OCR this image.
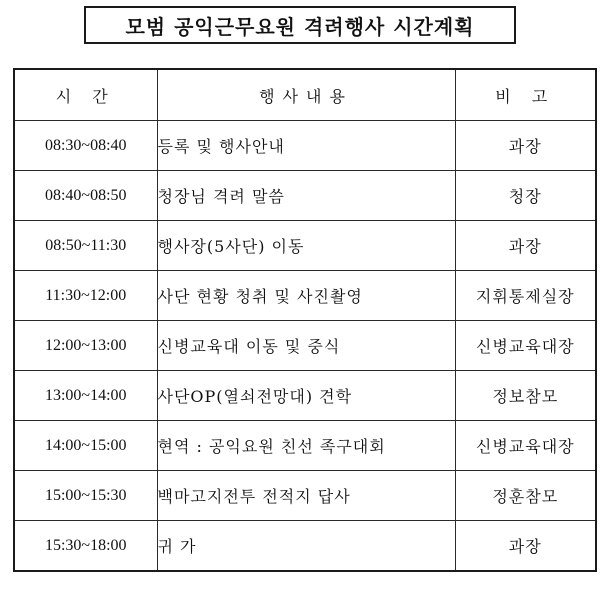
모범 공익근무요원 격려행사 시간계획
시 간	행사내용	비 고
08:30~08:40	등록 및 행사안내	과장
08:40~08:50	청장님 격려 말씀	청장
08:50~11:30	행사장(5사단) 이동	과장
11:30~12:00	사단 현황 청취 및 사진촬영	지휘통제실장
12:00~13:00	신병교육대 이동 및 중식	신병교육대장
13:00~14:00	사단OP(열쇠전망대) 견학	정보참모
14:00~15:00	현역 : 공익요원 친선 족구대회	신병교육대장
15:00~15:30	백마고지전투 전적지 답사	정훈참모
15:30~18:00	귀 가	과장
